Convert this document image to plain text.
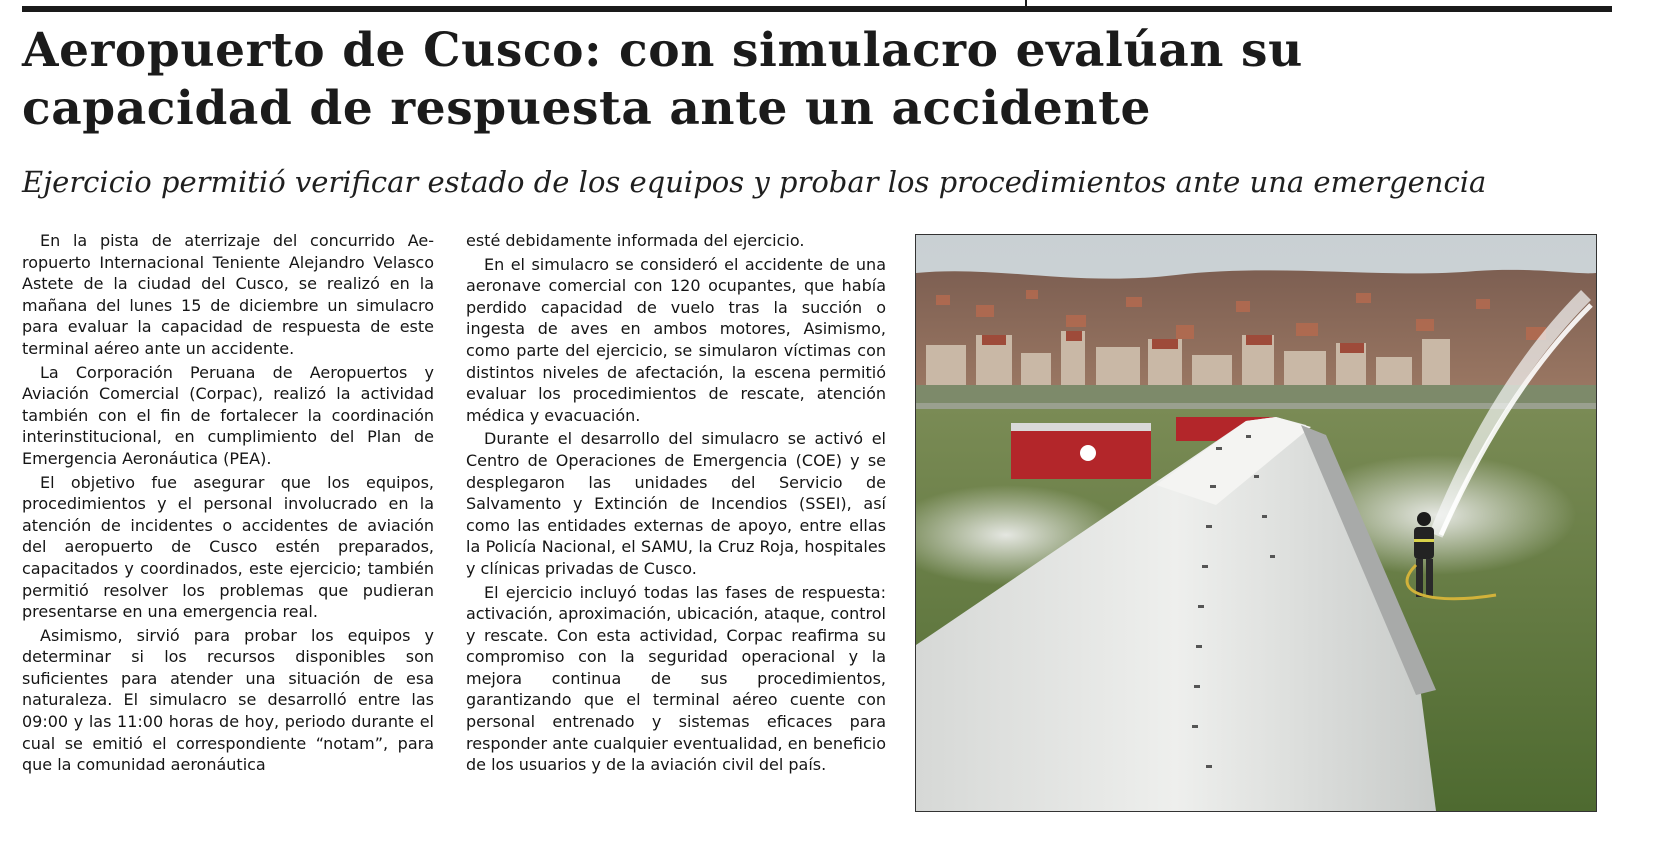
Aeropuerto de Cusco: con simulacro evalúan su
capacidad de respuesta ante un accidente

Ejercicio permitió verificar estado de los equipos y probar los procedimientos ante una emergencia

En la pista de aterrizaje del concurrido Aeropuerto Internacional Teniente Alejandro Velasco Astete de la ciudad del Cusco, se realizó en la mañana del lunes 15 de diciembre un simulacro para evaluar la capacidad de respuesta de este terminal aéreo ante un accidente.

La Corporación Peruana de Aeropuertos y Aviación Comercial (Corpac), realizó la actividad también con el fin de fortalecer la coordinación interinstitucional, en cumplimiento del Plan de Emergencia Aeronáutica (PEA).

El objetivo fue asegurar que los equipos, procedimientos y el personal involucrado en la atención de incidentes o accidentes de aviación del aeropuerto de Cusco estén preparados, capacitados y coordinados, este ejercicio; también permitió resolver los problemas que pudieran presentarse en una emergencia real.

Asimismo, sirvió para probar los equipos y determinar si los recursos disponibles son suficientes para atender una situación de esa naturaleza. El simulacro se desarrolló entre las 09:00 y las 11:00 horas de hoy, periodo durante el cual se emitió el correspondiente “notam”, para que la comunidad aeronáutica

esté debidamente informada del ejercicio.

En el simulacro se consideró el accidente de una aeronave comercial con 120 ocupantes, que había perdido capacidad de vuelo tras la succión o ingesta de aves en ambos motores, Asimismo, como parte del ejercicio, se simularon víctimas con distintos niveles de afectación, la escena permitió evaluar los procedimientos de rescate, atención médica y evacuación.

Durante el desarrollo del simulacro se activó el Centro de Operaciones de Emergencia (COE) y se desplegaron las unidades del Servicio de Salvamento y Extinción de Incendios (SSEI), así como las entidades externas de apoyo, entre ellas la Policía Nacional, el SAMU, la Cruz Roja, hospitales y clínicas privadas de Cusco.

El ejercicio incluyó todas las fases de respuesta: activación, aproximación, ubicación, ataque, control y rescate. Con esta actividad, Corpac reafirma su compromiso con la seguridad operacional y la mejora continua de sus procedimientos, garantizando que el terminal aéreo cuente con personal entrenado y sistemas eficaces para responder ante cualquier eventualidad, en beneficio de los usuarios y de la aviación civil del país.
